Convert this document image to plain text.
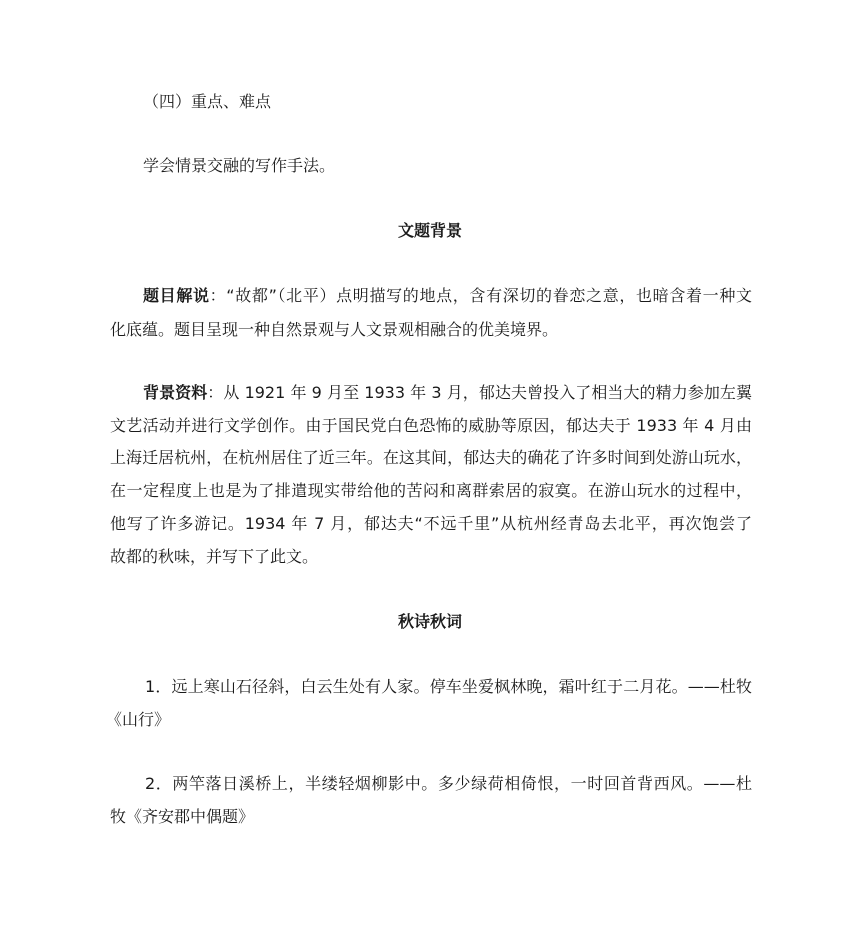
（四）重点、难点
学会情景交融的写作手法。
文题背景
题目解说：“故都”（北平）点明描写的地点，含有深切的眷恋之意，也暗含着一种文
化底蕴。题目呈现一种自然景观与人文景观相融合的优美境界。
背景资料：从 1921 年 9 月至 1933 年 3 月，郁达夫曾投入了相当大的精力参加左翼
文艺活动并进行文学创作。由于国民党白色恐怖的威胁等原因，郁达夫于 1933 年 4 月由
上海迁居杭州，在杭州居住了近三年。在这其间，郁达夫的确花了许多时间到处游山玩水，
在一定程度上也是为了排遣现实带给他的苦闷和离群索居的寂寞。在游山玩水的过程中，
他写了许多游记。1934 年 7 月，郁达夫“不远千里”从杭州经青岛去北平，再次饱尝了
故都的秋味，并写下了此文。
秋诗秋词
1．远上寒山石径斜，白云生处有人家。停车坐爱枫林晚，霜叶红于二月花。——杜牧
《山行》
2．两竿落日溪桥上，半缕轻烟柳影中。多少绿荷相倚恨，一时回首背西风。——杜
牧《齐安郡中偶题》
